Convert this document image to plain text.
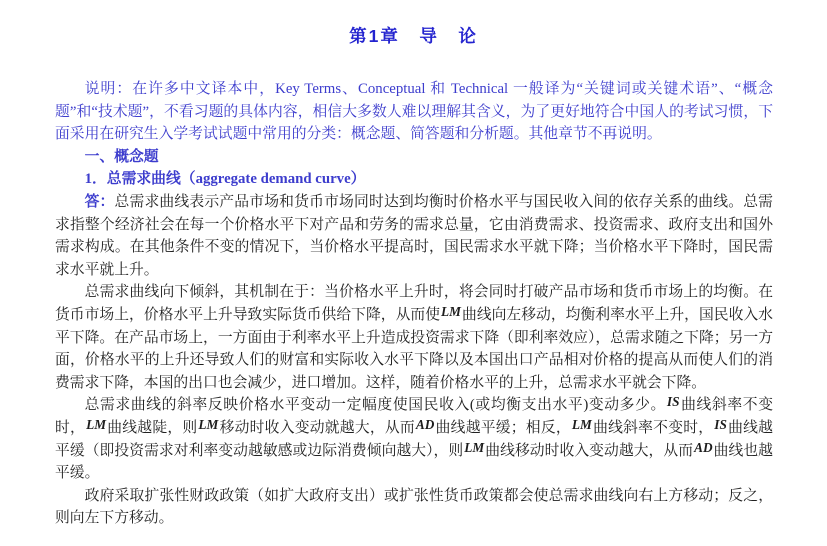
第1章　导　论

说明：在许多中文译本中，Key Terms、Conceptual 和 Technical 一般译为“关键词或关键术语”、“概念题”和“技术题”，不看习题的具体内容，相信大多数人难以理解其含义，为了更好地符合中国人的考试习惯，下面采用在研究生入学考试试题中常用的分类：概念题、简答题和分析题。其他章节不再说明。

一、概念题

1．总需求曲线（aggregate demand curve）

答：总需求曲线表示产品市场和货币市场同时达到均衡时价格水平与国民收入间的依存关系的曲线。总需求指整个经济社会在每一个价格水平下对产品和劳务的需求总量，它由消费需求、投资需求、政府支出和国外需求构成。在其他条件不变的情况下，当价格水平提高时，国民需求水平就下降；当价格水平下降时，国民需求水平就上升。

总需求曲线向下倾斜，其机制在于：当价格水平上升时，将会同时打破产品市场和货币市场上的均衡。在货币市场上，价格水平上升导致实际货币供给下降，从而使LM曲线向左移动，均衡利率水平上升，国民收入水平下降。在产品市场上，一方面由于利率水平上升造成投资需求下降（即利率效应），总需求随之下降；另一方面，价格水平的上升还导致人们的财富和实际收入水平下降以及本国出口产品相对价格的提高从而使人们的消费需求下降，本国的出口也会减少，进口增加。这样，随着价格水平的上升，总需求水平就会下降。

总需求曲线的斜率反映价格水平变动一定幅度使国民收入(或均衡支出水平)变动多少。IS曲线斜率不变时，LM曲线越陡，则LM移动时收入变动就越大，从而AD曲线越平缓；相反，LM曲线斜率不变时，IS曲线越平缓（即投资需求对利率变动越敏感或边际消费倾向越大），则LM曲线移动时收入变动越大，从而AD曲线也越平缓。

政府采取扩张性财政政策（如扩大政府支出）或扩张性货币政策都会使总需求曲线向右上方移动；反之，则向左下方移动。
